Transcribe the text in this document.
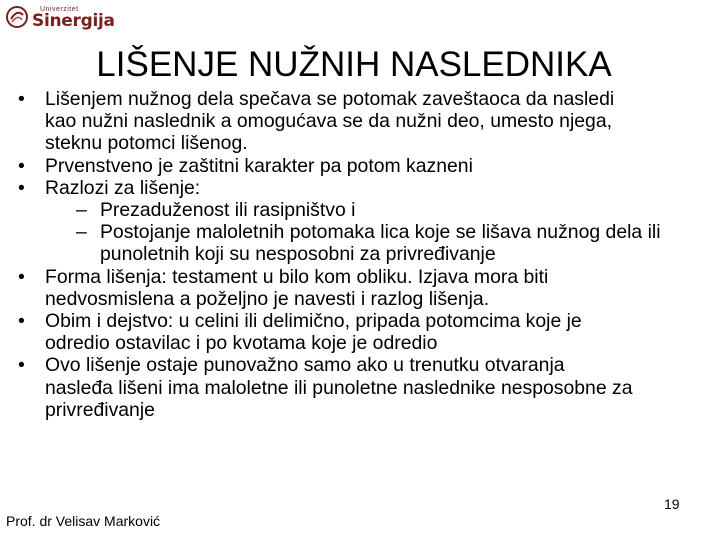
Univerzitet
Sinergija
LIŠENJE NUŽNIH NASLEDNIKA
• Lišenjem nužnog dela spečava se potomak zaveštaoca da nasledi
kao nužni naslednik a omogućava se da nužni deo, umesto njega,
steknu potomci lišenog.
• Prvenstveno je zaštitni karakter pa potom kazneni
• Razlozi za lišenje:
– Prezaduženost ili rasipništvo i
– Postojanje maloletnih potomaka lica koje se lišava nužnog dela ili
punoletnih koji su nesposobni za privređivanje
• Forma lišenja: testament u bilo kom obliku. Izjava mora biti
nedvosmislena a poželjno je navesti i razlog lišenja.
• Obim i dejstvo: u celini ili delimično, pripada potomcima koje je
odredio ostavilac i po kvotama koje je odredio
• Ovo lišenje ostaje punovažno samo ako u trenutku otvaranja
nasleđa lišeni ima maloletne ili punoletne naslednike nesposobne za
privređivanje
19
Prof. dr Velisav Marković
